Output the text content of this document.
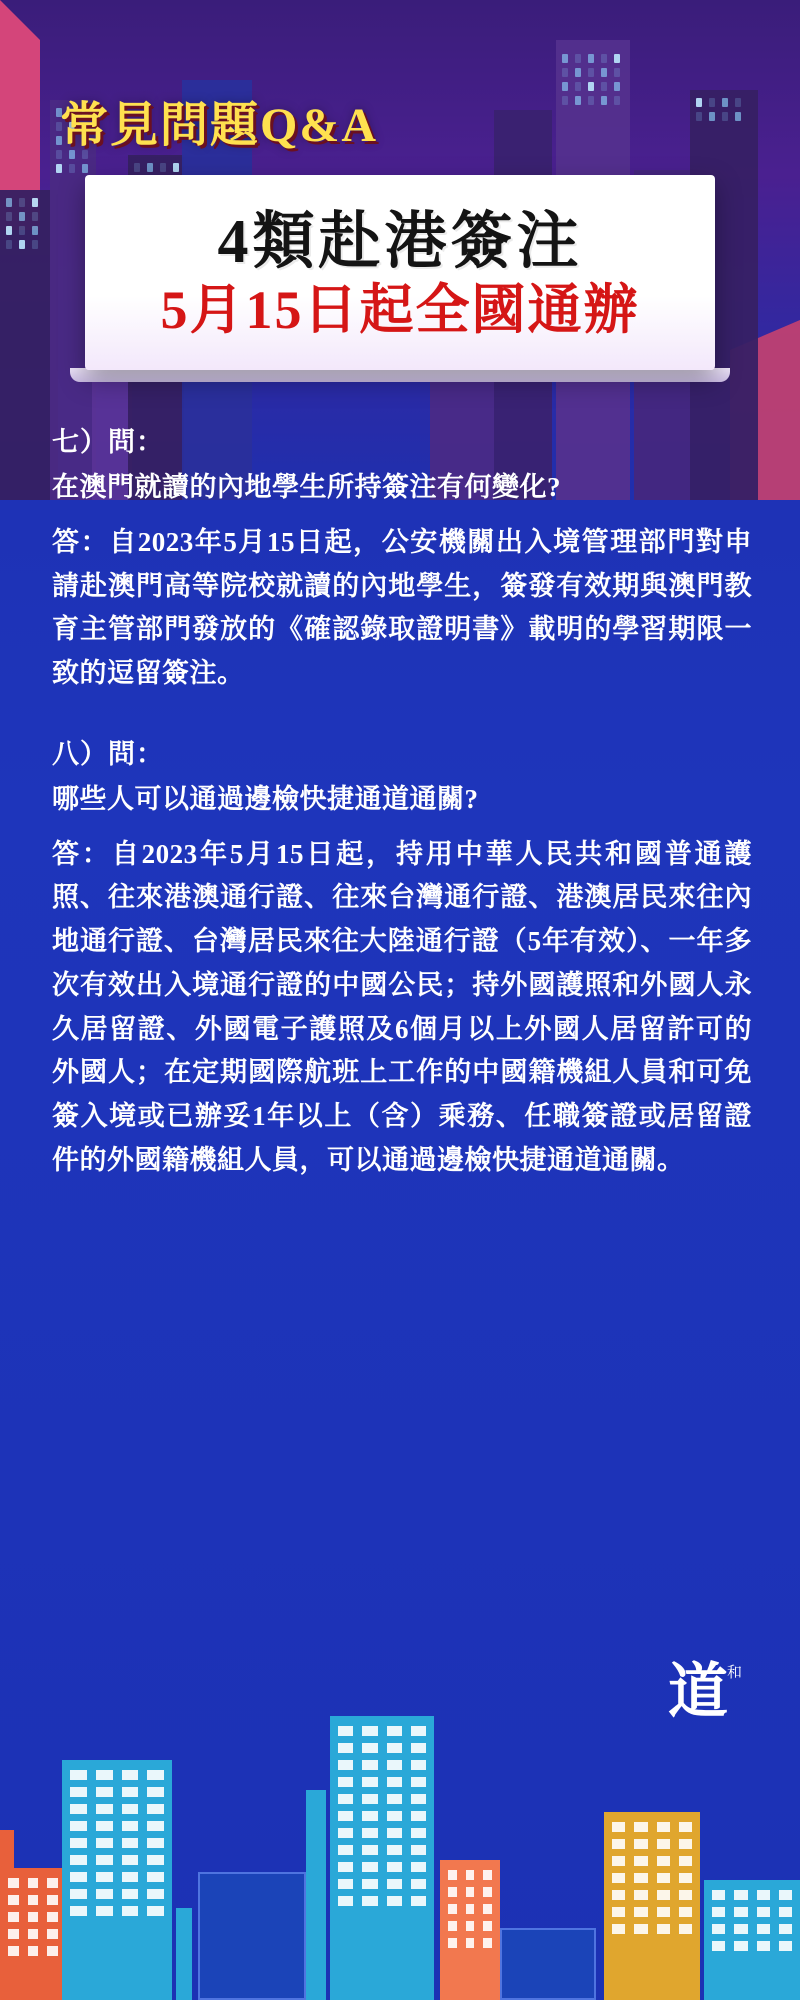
常見問題Q&A
4類赴港簽注
5月15日起全國通辦
七）問：
在澳門就讀的內地學生所持簽注有何變化?
答：自2023年5月15日起，公安機關出入境管理部門對申請赴澳門高等院校就讀的內地學生，簽發有效期與澳門教育主管部門發放的《確認錄取證明書》載明的學習期限一致的逗留簽注。
八）問：
哪些人可以通過邊檢快捷通道通關?
答：自2023年5月15日起，持用中華人民共和國普通護照、往來港澳通行證、往來台灣通行證、港澳居民來往內地通行證、台灣居民來往大陸通行證（5年有效）、一年多次有效出入境通行證的中國公民；持外國護照和外國人永久居留證、外國電子護照及6個月以上外國人居留許可的外國人；在定期國際航班上工作的中國籍機組人員和可免簽入境或已辦妥1年以上（含）乘務、任職簽證或居留證件的外國籍機組人員，可以通過邊檢快捷通道通關。
道
和
